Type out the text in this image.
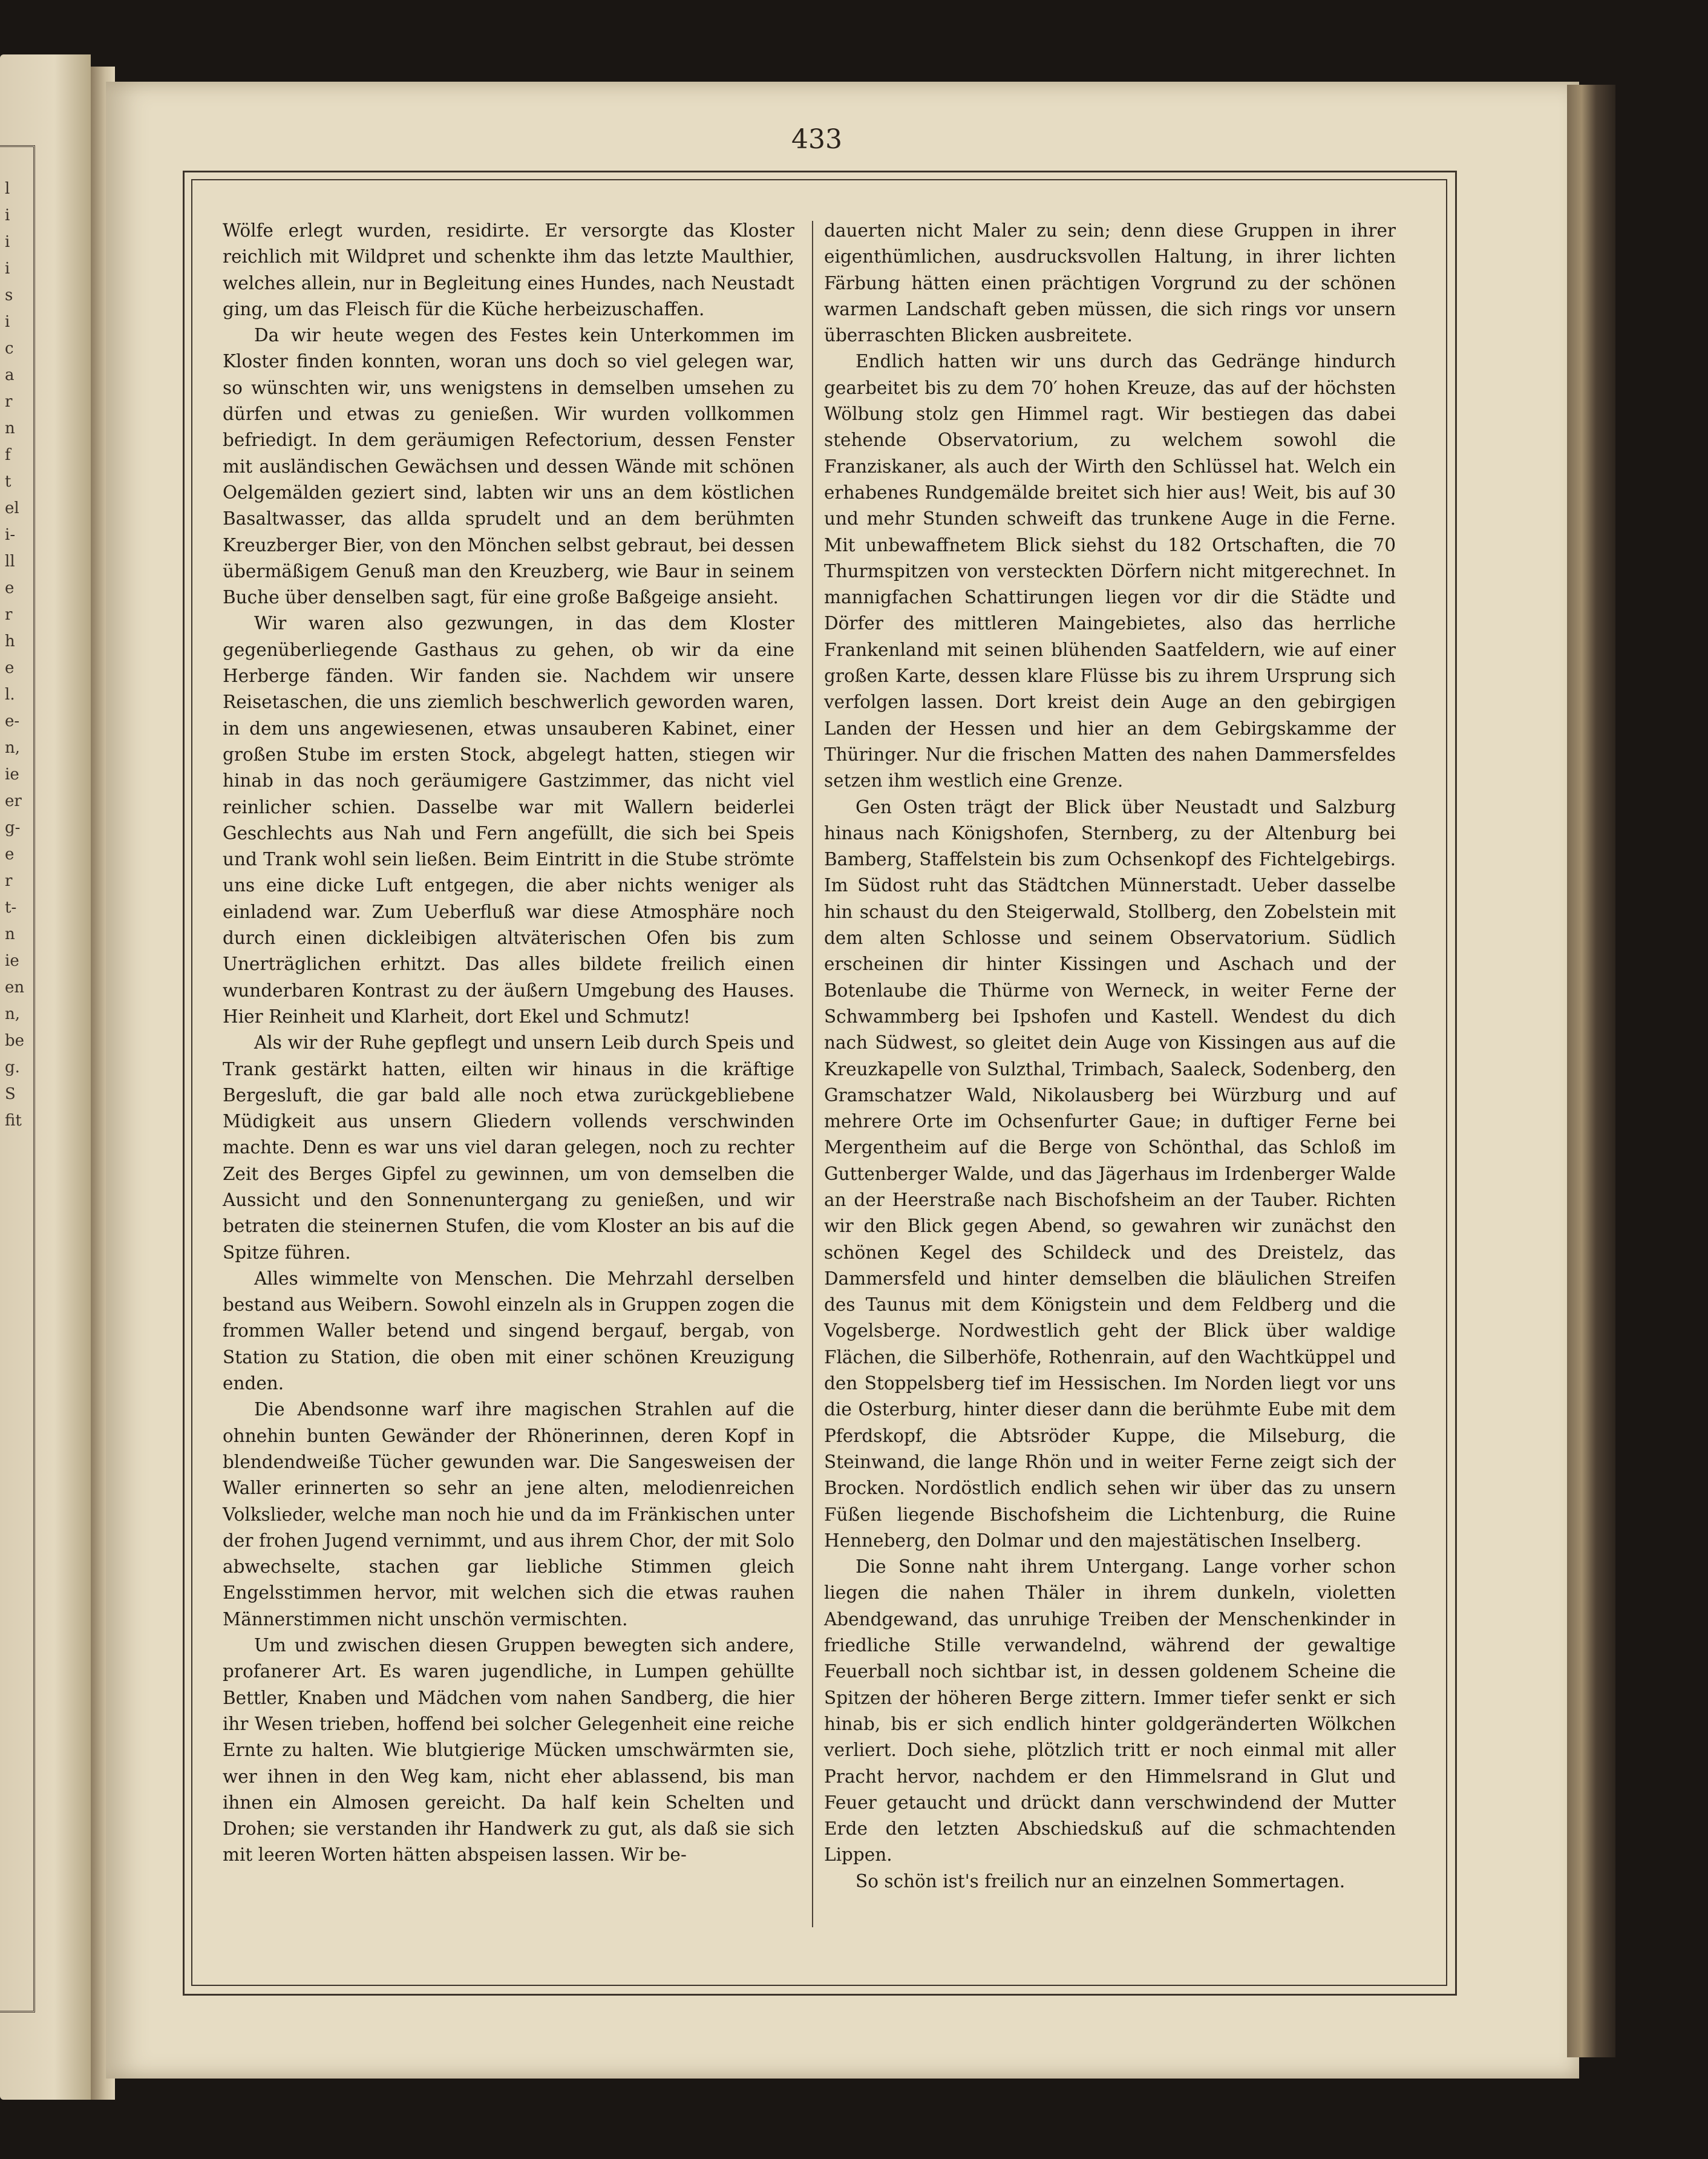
l
i
i
i
s
i
c
a
r
n
f
t
el
i-
ll
e
r
h
e
l.
e-
n,
ie
er
g-
e
r
t-
n
ie
en
n,
be
g.
S
fit
433

Wölfe erlegt wurden, residirte. Er versorgte das Kloster reichlich mit Wildpret und schenkte ihm das letzte Maulthier, welches allein, nur in Begleitung eines Hundes, nach Neustadt ging, um das Fleisch für die Küche herbeizuschaffen.

Da wir heute wegen des Festes kein Unterkommen im Kloster finden konnten, woran uns doch so viel gelegen war, so wünschten wir, uns wenigstens in demselben umsehen zu dürfen und etwas zu genießen. Wir wurden vollkommen befriedigt. In dem geräumigen Refectorium, dessen Fenster mit ausländischen Gewächsen und dessen Wände mit schönen Oelgemälden geziert sind, labten wir uns an dem köstlichen Basaltwasser, das allda sprudelt und an dem berühmten Kreuzberger Bier, von den Mönchen selbst gebraut, bei dessen übermäßigem Genuß man den Kreuzberg, wie Baur in seinem Buche über denselben sagt, für eine große Baßgeige ansieht.

Wir waren also gezwungen, in das dem Kloster gegenüberliegende Gasthaus zu gehen, ob wir da eine Herberge fänden. Wir fanden sie. Nachdem wir unsere Reisetaschen, die uns ziemlich beschwerlich geworden waren, in dem uns angewiesenen, etwas unsauberen Kabinet, einer großen Stube im ersten Stock, abgelegt hatten, stiegen wir hinab in das noch geräumigere Gastzimmer, das nicht viel reinlicher schien. Dasselbe war mit Wallern beiderlei Geschlechts aus Nah und Fern angefüllt, die sich bei Speis und Trank wohl sein ließen. Beim Eintritt in die Stube strömte uns eine dicke Luft entgegen, die aber nichts weniger als einladend war. Zum Ueberfluß war diese Atmosphäre noch durch einen dickleibigen altväterischen Ofen bis zum Unerträglichen erhitzt. Das alles bildete freilich einen wunderbaren Kontrast zu der äußern Umgebung des Hauses. Hier Reinheit und Klarheit, dort Ekel und Schmutz!

Als wir der Ruhe gepflegt und unsern Leib durch Speis und Trank gestärkt hatten, eilten wir hinaus in die kräftige Bergesluft, die gar bald alle noch etwa zurückgebliebene Müdigkeit aus unsern Gliedern vollends verschwinden machte. Denn es war uns viel daran gelegen, noch zu rechter Zeit des Berges Gipfel zu gewinnen, um von demselben die Aussicht und den Sonnenuntergang zu genießen, und wir betraten die steinernen Stufen, die vom Kloster an bis auf die Spitze führen.

Alles wimmelte von Menschen. Die Mehrzahl derselben bestand aus Weibern. Sowohl einzeln als in Gruppen zogen die frommen Waller betend und singend bergauf, bergab, von Station zu Station, die oben mit einer schönen Kreuzigung enden.

Die Abendsonne warf ihre magischen Strahlen auf die ohnehin bunten Gewänder der Rhönerinnen, deren Kopf in blendendweiße Tücher gewunden war. Die Sangesweisen der Waller erinnerten so sehr an jene alten, melodienreichen Volkslieder, welche man noch hie und da im Fränkischen unter der frohen Jugend vernimmt, und aus ihrem Chor, der mit Solo abwechselte, stachen gar liebliche Stimmen gleich Engelsstimmen hervor, mit welchen sich die etwas rauhen Männerstimmen nicht unschön vermischten.

Um und zwischen diesen Gruppen bewegten sich andere, profanerer Art. Es waren jugendliche, in Lumpen gehüllte Bettler, Knaben und Mädchen vom nahen Sandberg, die hier ihr Wesen trieben, hoffend bei solcher Gelegenheit eine reiche Ernte zu halten. Wie blutgierige Mücken umschwärmten sie, wer ihnen in den Weg kam, nicht eher ablassend, bis man ihnen ein Almosen gereicht. Da half kein Schelten und Drohen; sie verstanden ihr Handwerk zu gut, als daß sie sich mit leeren Worten hätten abspeisen lassen. Wir be-

dauerten nicht Maler zu sein; denn diese Gruppen in ihrer eigenthümlichen, ausdrucksvollen Haltung, in ihrer lichten Färbung hätten einen prächtigen Vorgrund zu der schönen warmen Landschaft geben müssen, die sich rings vor unsern überraschten Blicken ausbreitete.

Endlich hatten wir uns durch das Gedränge hindurch gearbeitet bis zu dem 70′ hohen Kreuze, das auf der höchsten Wölbung stolz gen Himmel ragt. Wir bestiegen das dabei stehende Observatorium, zu welchem sowohl die Franziskaner, als auch der Wirth den Schlüssel hat. Welch ein erhabenes Rundgemälde breitet sich hier aus! Weit, bis auf 30 und mehr Stunden schweift das trunkene Auge in die Ferne. Mit unbewaffnetem Blick siehst du 182 Ortschaften, die 70 Thurmspitzen von versteckten Dörfern nicht mitgerechnet. In mannigfachen Schattirungen liegen vor dir die Städte und Dörfer des mittleren Maingebietes, also das herrliche Frankenland mit seinen blühenden Saatfeldern, wie auf einer großen Karte, dessen klare Flüsse bis zu ihrem Ursprung sich verfolgen lassen. Dort kreist dein Auge an den gebirgigen Landen der Hessen und hier an dem Gebirgskamme der Thüringer. Nur die frischen Matten des nahen Dammersfeldes setzen ihm westlich eine Grenze.

Gen Osten trägt der Blick über Neustadt und Salzburg hinaus nach Königshofen, Sternberg, zu der Altenburg bei Bamberg, Staffelstein bis zum Ochsenkopf des Fichtelgebirgs. Im Südost ruht das Städtchen Münnerstadt. Ueber dasselbe hin schaust du den Steigerwald, Stollberg, den Zobelstein mit dem alten Schlosse und seinem Observatorium. Südlich erscheinen dir hinter Kissingen und Aschach und der Botenlaube die Thürme von Werneck, in weiter Ferne der Schwammberg bei Ipshofen und Kastell. Wendest du dich nach Südwest, so gleitet dein Auge von Kissingen aus auf die Kreuzkapelle von Sulzthal, Trimbach, Saaleck, Sodenberg, den Gramschatzer Wald, Nikolausberg bei Würzburg und auf mehrere Orte im Ochsenfurter Gaue; in duftiger Ferne bei Mergentheim auf die Berge von Schönthal, das Schloß im Guttenberger Walde, und das Jägerhaus im Irdenberger Walde an der Heerstraße nach Bischofsheim an der Tauber. Richten wir den Blick gegen Abend, so gewahren wir zunächst den schönen Kegel des Schildeck und des Dreistelz, das Dammersfeld und hinter demselben die bläulichen Streifen des Taunus mit dem Königstein und dem Feldberg und die Vogelsberge. Nordwestlich geht der Blick über waldige Flächen, die Silberhöfe, Rothenrain, auf den Wachtküppel und den Stoppelsberg tief im Hessischen. Im Norden liegt vor uns die Osterburg, hinter dieser dann die berühmte Eube mit dem Pferdskopf, die Abtsröder Kuppe, die Milseburg, die Steinwand, die lange Rhön und in weiter Ferne zeigt sich der Brocken. Nordöstlich endlich sehen wir über das zu unsern Füßen liegende Bischofsheim die Lichtenburg, die Ruine Henneberg, den Dolmar und den majestätischen Inselberg.

Die Sonne naht ihrem Untergang. Lange vorher schon liegen die nahen Thäler in ihrem dunkeln, violetten Abendgewand, das unruhige Treiben der Menschenkinder in friedliche Stille verwandelnd, während der gewaltige Feuerball noch sichtbar ist, in dessen goldenem Scheine die Spitzen der höheren Berge zittern. Immer tiefer senkt er sich hinab, bis er sich endlich hinter goldgeränderten Wölkchen verliert. Doch siehe, plötzlich tritt er noch einmal mit aller Pracht hervor, nachdem er den Himmelsrand in Glut und Feuer getaucht und drückt dann verschwindend der Mutter Erde den letzten Abschiedskuß auf die schmachtenden Lippen.

So schön ist's freilich nur an einzelnen Sommertagen.
